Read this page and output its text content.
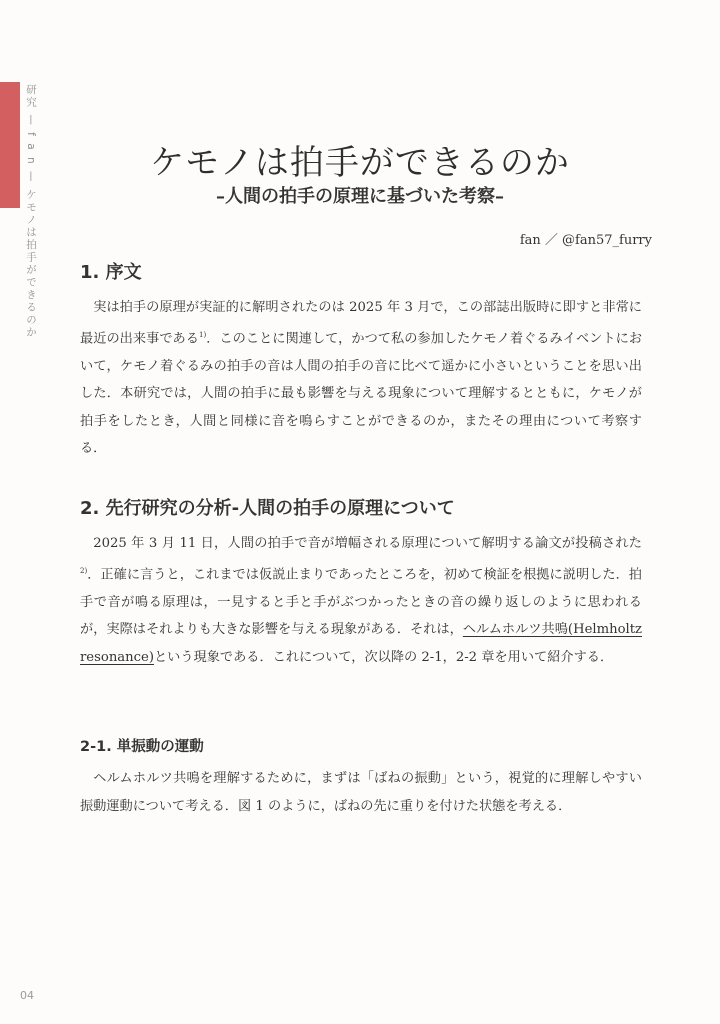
研究 — f a n — ケモノは拍手ができるのか	ケモノは拍手ができるのか
–人間の拍手の原理に基づいた考察–
fan ／ @fan57_furry
1. 序文

実は拍手の原理が実証的に解明されたのは 2025 年 3 月で，この部誌出版時に即すと非常に最近の出来事である$^{1)}$．このことに関連して，かつて私の参加したケモノ着ぐるみイベントにおいて，ケモノ着ぐるみの拍手の音は人間の拍手の音に比べて遥かに小さいということを思い出した．本研究では，人間の拍手に最も影響を与える現象について理解するとともに，ケモノが拍手をしたとき，人間と同様に音を鳴らすことができるのか，またその理由について考察する．

2. 先行研究の分析-人間の拍手の原理について

2025 年 3 月 11 日，人間の拍手で音が増幅される原理について解明する論文が投稿された$^{2)}$．正確に言うと，これまでは仮説止まりであったところを，初めて検証を根拠に説明した．拍手で音が鳴る原理は，一見すると手と手がぶつかったときの音の繰り返しのように思われるが，実際はそれよりも大きな影響を与える現象がある．それは，ヘルムホルツ共鳴(Helmholtz resonance)という現象である．これについて，次以降の 2-1，2-2 章を用いて紹介する．

2-1. 単振動の運動

ヘルムホルツ共鳴を理解するために，まずは「ばねの振動」という，視覚的に理解しやすい振動運動について考える．図 1 のように，ばねの先に重りを付けた状態を考える．

04
